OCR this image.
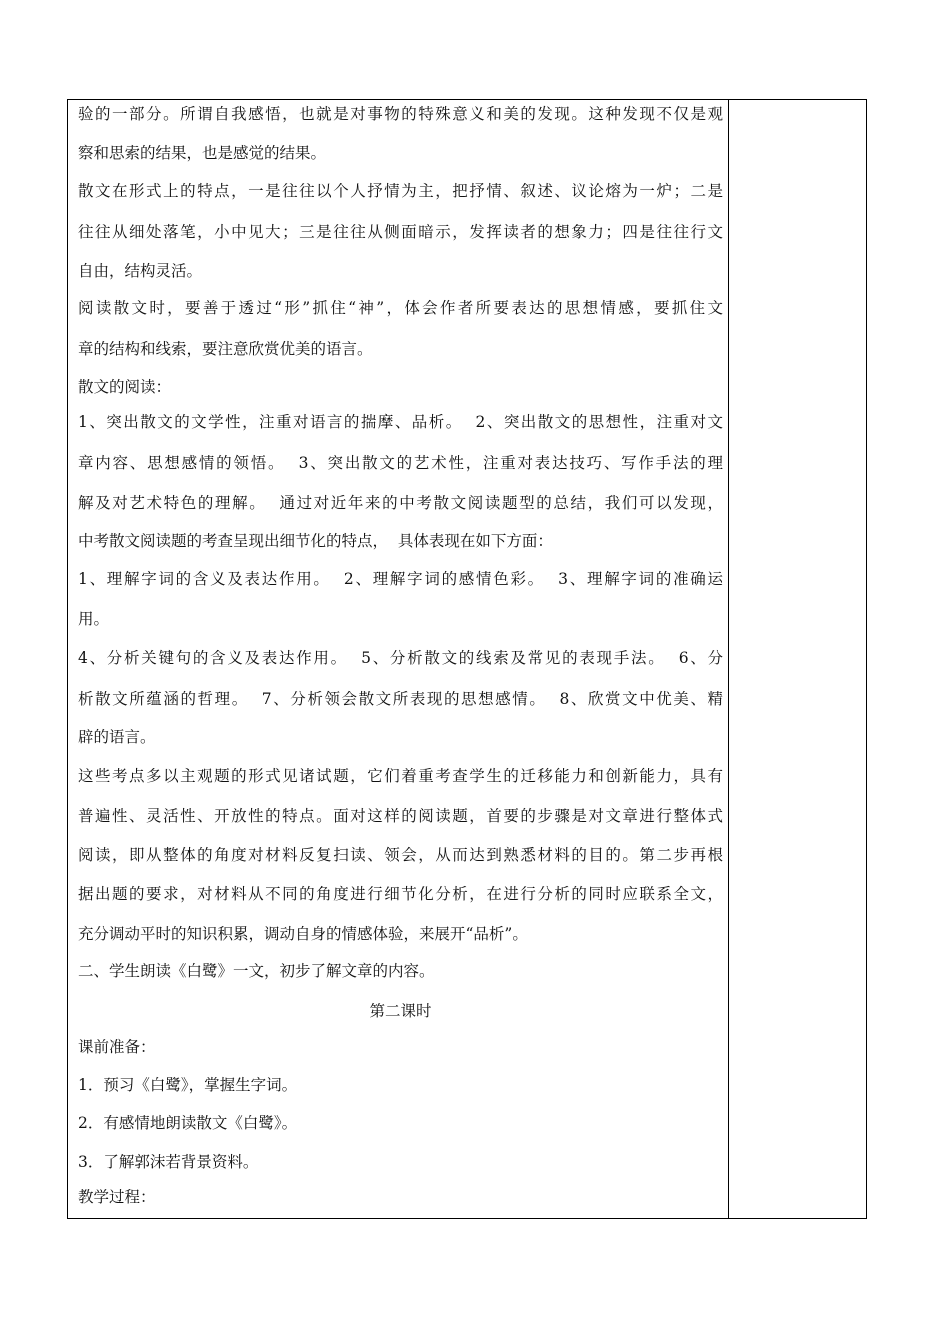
验的一部分。所谓自我感悟，也就是对事物的特殊意义和美的发现。这种发现不仅是观
察和思索的结果，也是感觉的结果。
散文在形式上的特点，一是往往以个人抒情为主，把抒情、叙述、议论熔为一炉；二是
往往从细处落笔，小中见大；三是往往从侧面暗示，发挥读者的想象力；四是往往行文
自由，结构灵活。
阅读散文时，要善于透过“形”抓住“神”，体会作者所要表达的思想情感，要抓住文
章的结构和线索，要注意欣赏优美的语言。
散文的阅读：
1、突出散文的文学性，注重对语言的揣摩、品析。  2、突出散文的思想性，注重对文
章内容、思想感情的领悟。  3、突出散文的艺术性，注重对表达技巧、写作手法的理
解及对艺术特色的理解。  通过对近年来的中考散文阅读题型的总结，我们可以发现，
中考散文阅读题的考查呈现出细节化的特点，  具体表现在如下方面：
1、理解字词的含义及表达作用。  2、理解字词的感情色彩。  3、理解字词的准确运
用。
4、分析关键句的含义及表达作用。  5、分析散文的线索及常见的表现手法。  6、分
析散文所蕴涵的哲理。  7、分析领会散文所表现的思想感情。  8、欣赏文中优美、精
辟的语言。
这些考点多以主观题的形式见诸试题，它们着重考查学生的迁移能力和创新能力，具有
普遍性、灵活性、开放性的特点。面对这样的阅读题，首要的步骤是对文章进行整体式
阅读，即从整体的角度对材料反复扫读、领会，从而达到熟悉材料的目的。第二步再根
据出题的要求，对材料从不同的角度进行细节化分析，在进行分析的同时应联系全文，
充分调动平时的知识积累，调动自身的情感体验，来展开“品析”。
二、学生朗读《白鹭》一文，初步了解文章的内容。
第二课时
课前准备：
1．预习《白鹭》，掌握生字词。
2．有感情地朗读散文《白鹭》。
3．了解郭沫若背景资料。
教学过程：
